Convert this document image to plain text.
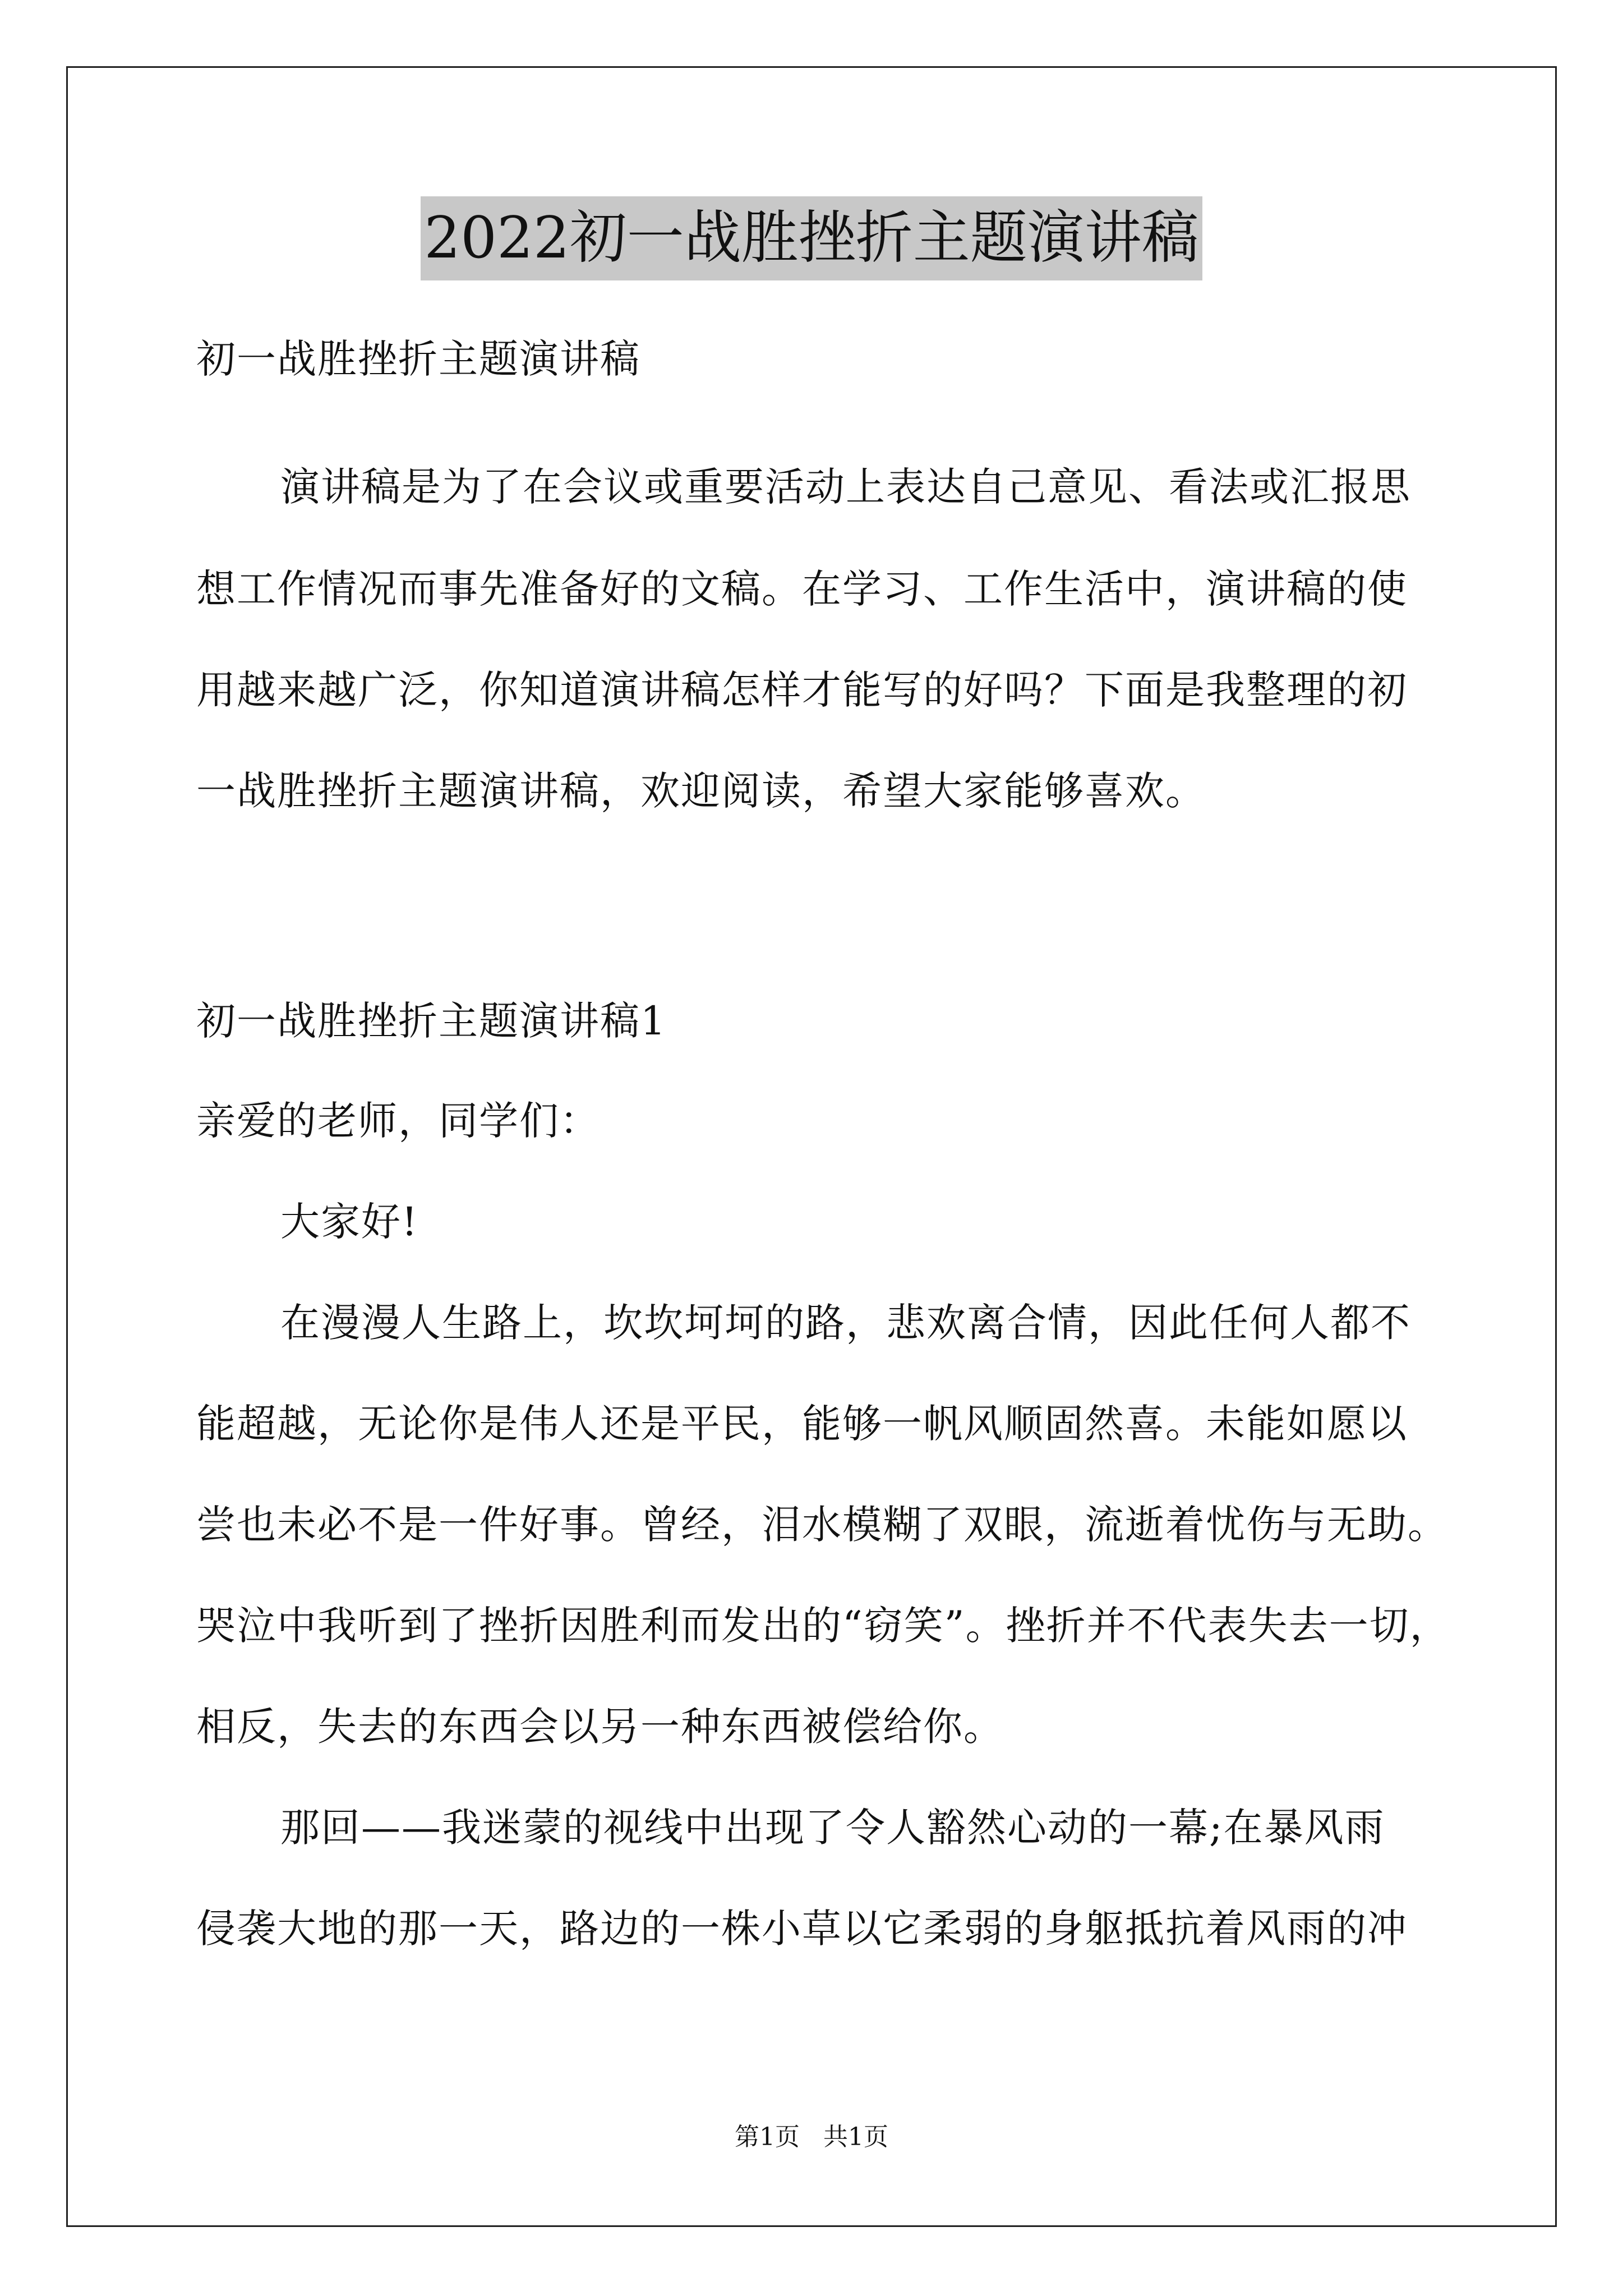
2022初一战胜挫折主题演讲稿
初一战胜挫折主题演讲稿
演讲稿是为了在会议或重要活动上表达自己意见、看法或汇报思
想工作情况而事先准备好的文稿。在学习、工作生活中，演讲稿的使
用越来越广泛，你知道演讲稿怎样才能写的好吗？下面是我整理的初
一战胜挫折主题演讲稿，欢迎阅读，希望大家能够喜欢。
初一战胜挫折主题演讲稿1
亲爱的老师，同学们：
大家好!
在漫漫人生路上，坎坎坷坷的路，悲欢离合情，因此任何人都不
能超越，无论你是伟人还是平民，能够一帆风顺固然喜。未能如愿以
尝也未必不是一件好事。曾经，泪水模糊了双眼，流逝着忧伤与无助。
哭泣中我听到了挫折因胜利而发出的“窃笑”。挫折并不代表失去一切，
相反，失去的东西会以另一种东西被偿给你。
那回——我迷蒙的视线中出现了令人豁然心动的一幕;在暴风雨
侵袭大地的那一天，路边的一株小草以它柔弱的身躯抵抗着风雨的冲
第1页 共1页
